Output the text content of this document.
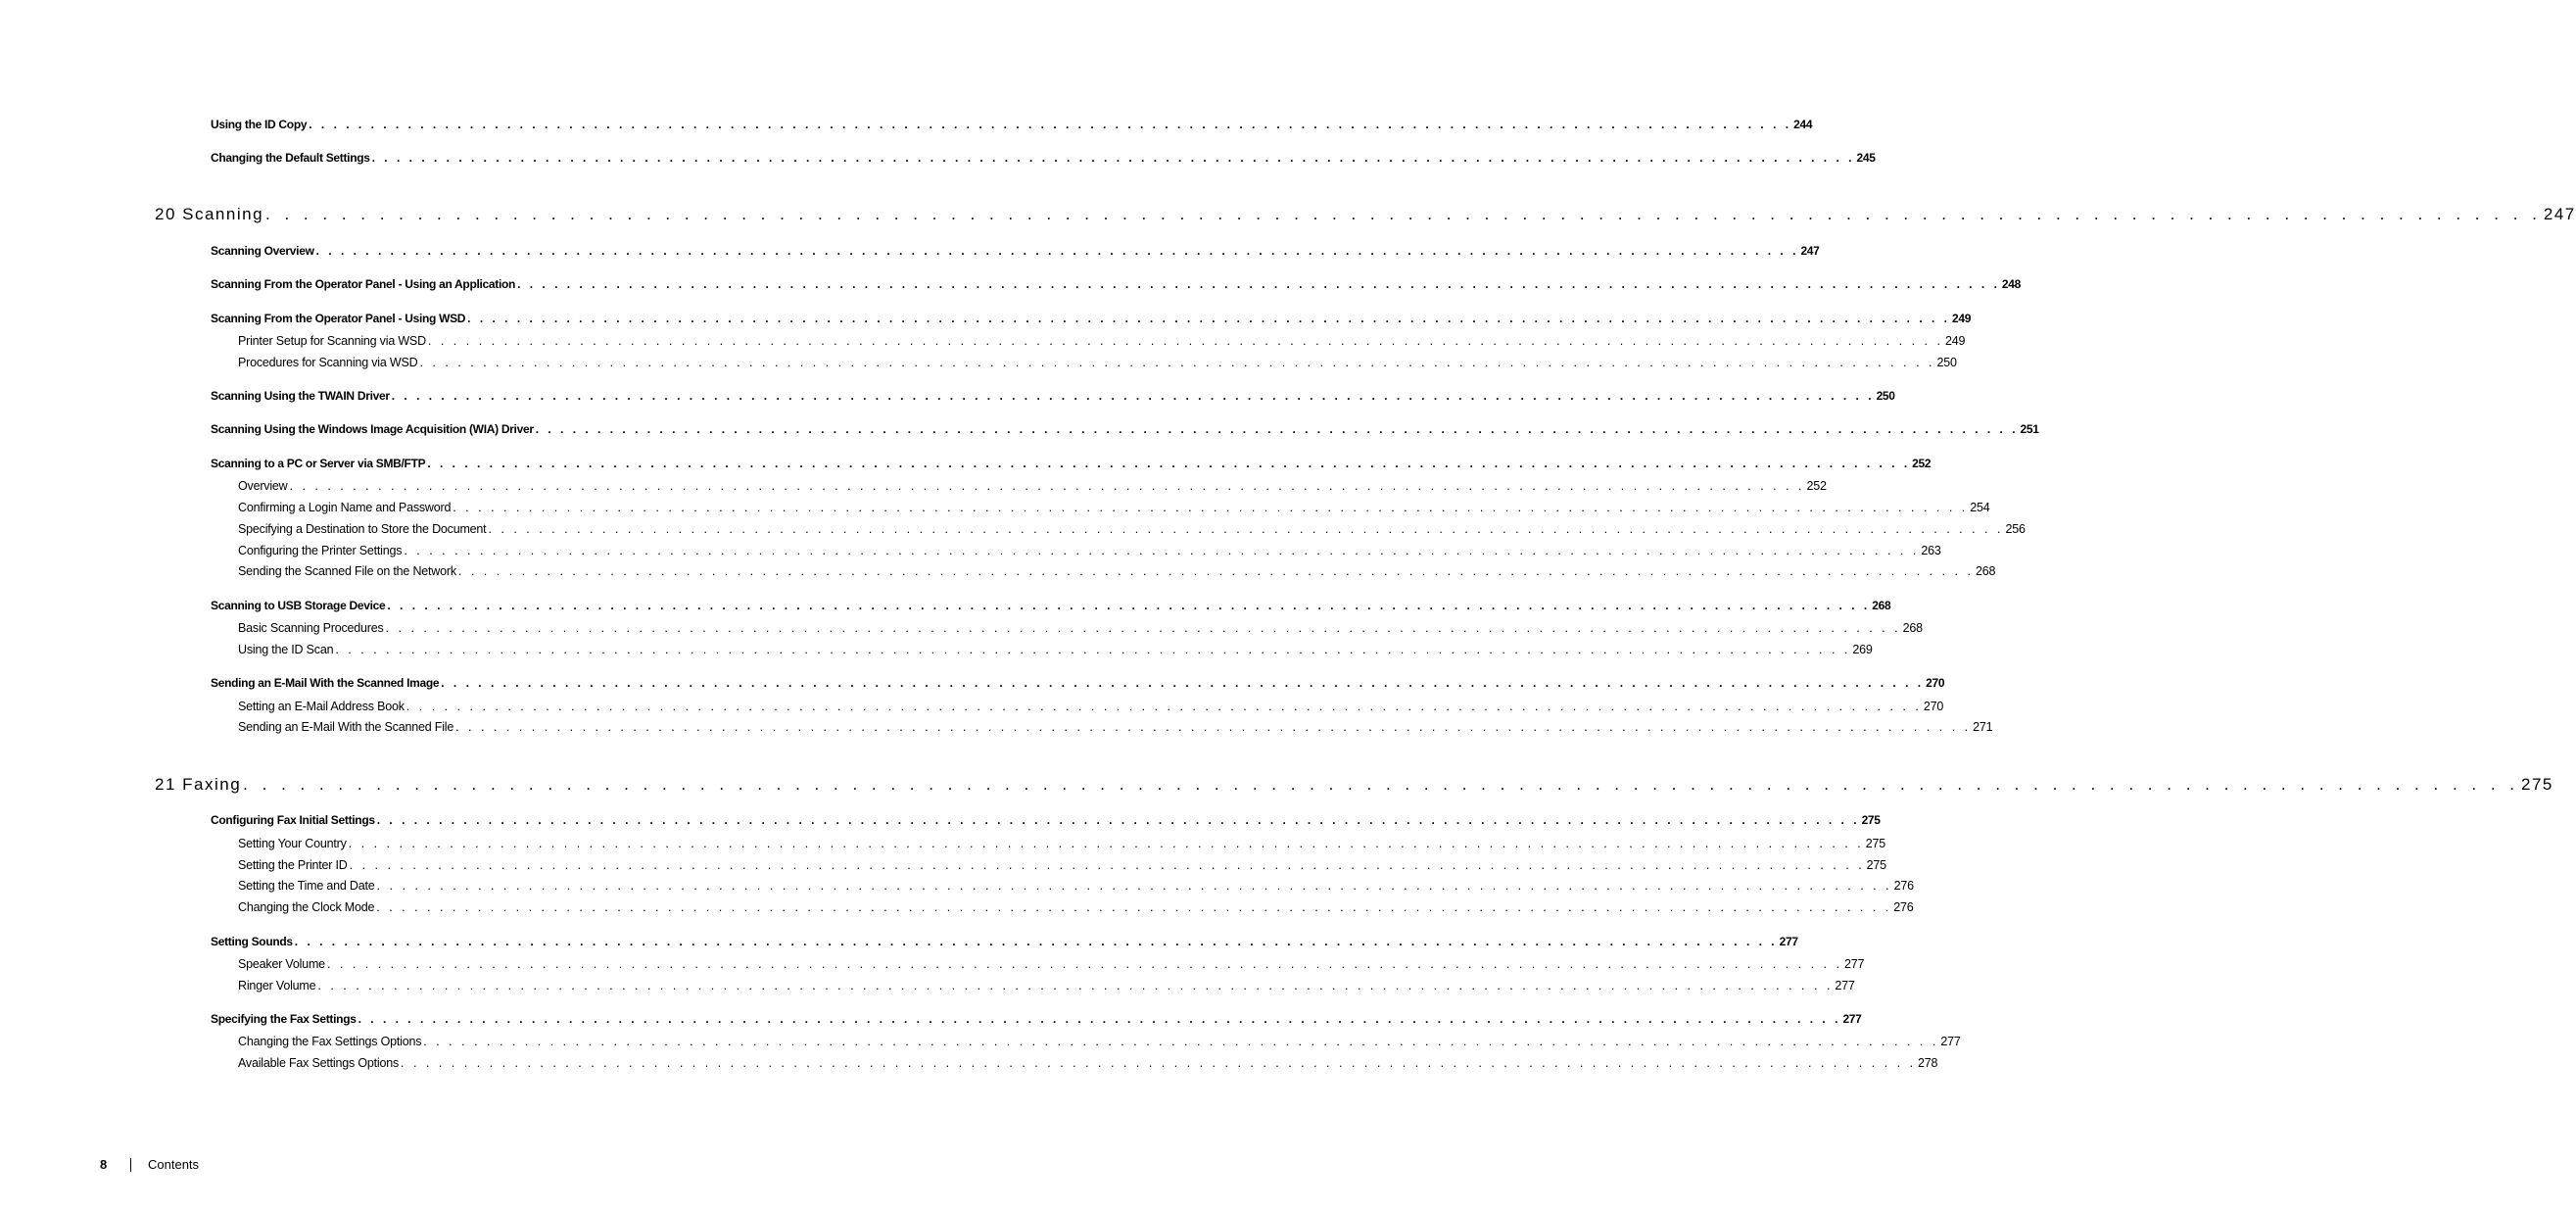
Using the ID Copy . . . . . . . . . . . . . . . . . . . . . . . . . . . . . . . . . . . . . . . . . . . . . . . . . . . . . . . . . . . . . . . . . . . . . . . . . . . . . . . . . . . . . . . . . . . . . . . . . . . . . . . . . . . . . . . . . . . . . . . . 244
Changing the Default Settings . . . . . . . . . . . . . . . . . . . . . . . . . . . . . . . . . . . . . . . . . . . . . . . . . . . . . . . . . . . . . . . . . . . . . . . . . . . . . . . . . . . . . . . . . . . . . . . . . . . . . . . . . . . . . . . . . . . . . . . . 245
20 Scanning . . . . . . . . . . . . . . . . . . . . . . . . . . . . . . . . . . . . . . . . . . . . . . . . . . . . . . . . . . . . . . . . . . . . . . . . . . . . . . . . . . . . . . . . . . . . . . . . . . . . . . . . . . . . . . . . . . . . . . . . 247
Scanning Overview . . . . . . . . . . . . . . . . . . . . . . . . . . . . . . . . . . . . . . . . . . . . . . . . . . . . . . . . . . . . . . . . . . . . . . . . . . . . . . . . . . . . . . . . . . . . . . . . . . . . . . . . . . . . . . . . . . . . . . . . 247
Scanning From the Operator Panel - Using an Application . . . . . . . . . . . . . . . . . . . . . . . . . . . . . . . . . . . . . . . . . . . . . . . . . . . . . . . . . . . . . . . . . . . . . . . . . . . . . . . . . . . . . . . . . . . . . . . . . . . . . . . . . . . . . . . . . . . . . . . . 248
Scanning From the Operator Panel - Using WSD . . . . . . . . . . . . . . . . . . . . . . . . . . . . . . . . . . . . . . . . . . . . . . . . . . . . . . . . . . . . . . . . . . . . . . . . . . . . . . . . . . . . . . . . . . . . . . . . . . . . . . . . . . . . . . . . . . . . . . . . 249
Printer Setup for Scanning via WSD . . . . . . . . . . . . . . . . . . . . . . . . . . . . . . . . . . . . . . . . . . . . . . . . . . . . . . . . . . . . . . . . . . . . . . . . . . . . . . . . . . . . . . . . . . . . . . . . . . . . . . . . . . . . . . . . . . . . . . . . 249
Procedures for Scanning via WSD . . . . . . . . . . . . . . . . . . . . . . . . . . . . . . . . . . . . . . . . . . . . . . . . . . . . . . . . . . . . . . . . . . . . . . . . . . . . . . . . . . . . . . . . . . . . . . . . . . . . . . . . . . . . . . . . . . . . . . . . 250
Scanning Using the TWAIN Driver . . . . . . . . . . . . . . . . . . . . . . . . . . . . . . . . . . . . . . . . . . . . . . . . . . . . . . . . . . . . . . . . . . . . . . . . . . . . . . . . . . . . . . . . . . . . . . . . . . . . . . . . . . . . . . . . . . . . . . . . 250
Scanning Using the Windows Image Acquisition (WIA) Driver . . . . . . . . . . . . . . . . . . . . . . . . . . . . . . . . . . . . . . . . . . . . . . . . . . . . . . . . . . . . . . . . . . . . . . . . . . . . . . . . . . . . . . . . . . . . . . . . . . . . . . . . . . . . . . . . . . . . . . . . 251
Scanning to a PC or Server via SMB/FTP . . . . . . . . . . . . . . . . . . . . . . . . . . . . . . . . . . . . . . . . . . . . . . . . . . . . . . . . . . . . . . . . . . . . . . . . . . . . . . . . . . . . . . . . . . . . . . . . . . . . . . . . . . . . . . . . . . . . . . . . 252
Overview . . . . . . . . . . . . . . . . . . . . . . . . . . . . . . . . . . . . . . . . . . . . . . . . . . . . . . . . . . . . . . . . . . . . . . . . . . . . . . . . . . . . . . . . . . . . . . . . . . . . . . . . . . . . . . . . . . . . . . . . 252
Confirming a Login Name and Password . . . . . . . . . . . . . . . . . . . . . . . . . . . . . . . . . . . . . . . . . . . . . . . . . . . . . . . . . . . . . . . . . . . . . . . . . . . . . . . . . . . . . . . . . . . . . . . . . . . . . . . . . . . . . . . . . . . . . . . . 254
Specifying a Destination to Store the Document . . . . . . . . . . . . . . . . . . . . . . . . . . . . . . . . . . . . . . . . . . . . . . . . . . . . . . . . . . . . . . . . . . . . . . . . . . . . . . . . . . . . . . . . . . . . . . . . . . . . . . . . . . . . . . . . . . . . . . . . 256
Configuring the Printer Settings . . . . . . . . . . . . . . . . . . . . . . . . . . . . . . . . . . . . . . . . . . . . . . . . . . . . . . . . . . . . . . . . . . . . . . . . . . . . . . . . . . . . . . . . . . . . . . . . . . . . . . . . . . . . . . . . . . . . . . . . 263
Sending the Scanned File on the Network . . . . . . . . . . . . . . . . . . . . . . . . . . . . . . . . . . . . . . . . . . . . . . . . . . . . . . . . . . . . . . . . . . . . . . . . . . . . . . . . . . . . . . . . . . . . . . . . . . . . . . . . . . . . . . . . . . . . . . . . 268
Scanning to USB Storage Device . . . . . . . . . . . . . . . . . . . . . . . . . . . . . . . . . . . . . . . . . . . . . . . . . . . . . . . . . . . . . . . . . . . . . . . . . . . . . . . . . . . . . . . . . . . . . . . . . . . . . . . . . . . . . . . . . . . . . . . . 268
Basic Scanning Procedures . . . . . . . . . . . . . . . . . . . . . . . . . . . . . . . . . . . . . . . . . . . . . . . . . . . . . . . . . . . . . . . . . . . . . . . . . . . . . . . . . . . . . . . . . . . . . . . . . . . . . . . . . . . . . . . . . . . . . . . . 268
Using the ID Scan . . . . . . . . . . . . . . . . . . . . . . . . . . . . . . . . . . . . . . . . . . . . . . . . . . . . . . . . . . . . . . . . . . . . . . . . . . . . . . . . . . . . . . . . . . . . . . . . . . . . . . . . . . . . . . . . . . . . . . . . 269
Sending an E-Mail With the Scanned Image . . . . . . . . . . . . . . . . . . . . . . . . . . . . . . . . . . . . . . . . . . . . . . . . . . . . . . . . . . . . . . . . . . . . . . . . . . . . . . . . . . . . . . . . . . . . . . . . . . . . . . . . . . . . . . . . . . . . . . . . 270
Setting an E-Mail Address Book . . . . . . . . . . . . . . . . . . . . . . . . . . . . . . . . . . . . . . . . . . . . . . . . . . . . . . . . . . . . . . . . . . . . . . . . . . . . . . . . . . . . . . . . . . . . . . . . . . . . . . . . . . . . . . . . . . . . . . . . 270
Sending an E-Mail With the Scanned File . . . . . . . . . . . . . . . . . . . . . . . . . . . . . . . . . . . . . . . . . . . . . . . . . . . . . . . . . . . . . . . . . . . . . . . . . . . . . . . . . . . . . . . . . . . . . . . . . . . . . . . . . . . . . . . . . . . . . . . . 271
21 Faxing . . . . . . . . . . . . . . . . . . . . . . . . . . . . . . . . . . . . . . . . . . . . . . . . . . . . . . . . . . . . . . . . . . . . . . . . . . . . . . . . . . . . . . . . . . . . . . . . . . . . . . . . . . . . . . . . . . . . . . . . 275
Configuring Fax Initial Settings . . . . . . . . . . . . . . . . . . . . . . . . . . . . . . . . . . . . . . . . . . . . . . . . . . . . . . . . . . . . . . . . . . . . . . . . . . . . . . . . . . . . . . . . . . . . . . . . . . . . . . . . . . . . . . . . . . . . . . . . 275
Setting Your Country . . . . . . . . . . . . . . . . . . . . . . . . . . . . . . . . . . . . . . . . . . . . . . . . . . . . . . . . . . . . . . . . . . . . . . . . . . . . . . . . . . . . . . . . . . . . . . . . . . . . . . . . . . . . . . . . . . . . . . . . 275
Setting the Printer ID . . . . . . . . . . . . . . . . . . . . . . . . . . . . . . . . . . . . . . . . . . . . . . . . . . . . . . . . . . . . . . . . . . . . . . . . . . . . . . . . . . . . . . . . . . . . . . . . . . . . . . . . . . . . . . . . . . . . . . . . 275
Setting the Time and Date . . . . . . . . . . . . . . . . . . . . . . . . . . . . . . . . . . . . . . . . . . . . . . . . . . . . . . . . . . . . . . . . . . . . . . . . . . . . . . . . . . . . . . . . . . . . . . . . . . . . . . . . . . . . . . . . . . . . . . . . 276
Changing the Clock Mode . . . . . . . . . . . . . . . . . . . . . . . . . . . . . . . . . . . . . . . . . . . . . . . . . . . . . . . . . . . . . . . . . . . . . . . . . . . . . . . . . . . . . . . . . . . . . . . . . . . . . . . . . . . . . . . . . . . . . . . . 276
Setting Sounds . . . . . . . . . . . . . . . . . . . . . . . . . . . . . . . . . . . . . . . . . . . . . . . . . . . . . . . . . . . . . . . . . . . . . . . . . . . . . . . . . . . . . . . . . . . . . . . . . . . . . . . . . . . . . . . . . . . . . . . . 277
Speaker Volume . . . . . . . . . . . . . . . . . . . . . . . . . . . . . . . . . . . . . . . . . . . . . . . . . . . . . . . . . . . . . . . . . . . . . . . . . . . . . . . . . . . . . . . . . . . . . . . . . . . . . . . . . . . . . . . . . . . . . . . . 277
Ringer Volume . . . . . . . . . . . . . . . . . . . . . . . . . . . . . . . . . . . . . . . . . . . . . . . . . . . . . . . . . . . . . . . . . . . . . . . . . . . . . . . . . . . . . . . . . . . . . . . . . . . . . . . . . . . . . . . . . . . . . . . . 277
Specifying the Fax Settings . . . . . . . . . . . . . . . . . . . . . . . . . . . . . . . . . . . . . . . . . . . . . . . . . . . . . . . . . . . . . . . . . . . . . . . . . . . . . . . . . . . . . . . . . . . . . . . . . . . . . . . . . . . . . . . . . . . . . . . . 277
Changing the Fax Settings Options . . . . . . . . . . . . . . . . . . . . . . . . . . . . . . . . . . . . . . . . . . . . . . . . . . . . . . . . . . . . . . . . . . . . . . . . . . . . . . . . . . . . . . . . . . . . . . . . . . . . . . . . . . . . . . . . . . . . . . . . 277
Available Fax Settings Options . . . . . . . . . . . . . . . . . . . . . . . . . . . . . . . . . . . . . . . . . . . . . . . . . . . . . . . . . . . . . . . . . . . . . . . . . . . . . . . . . . . . . . . . . . . . . . . . . . . . . . . . . . . . . . . . . . . . . . . . 278
8	Contents
